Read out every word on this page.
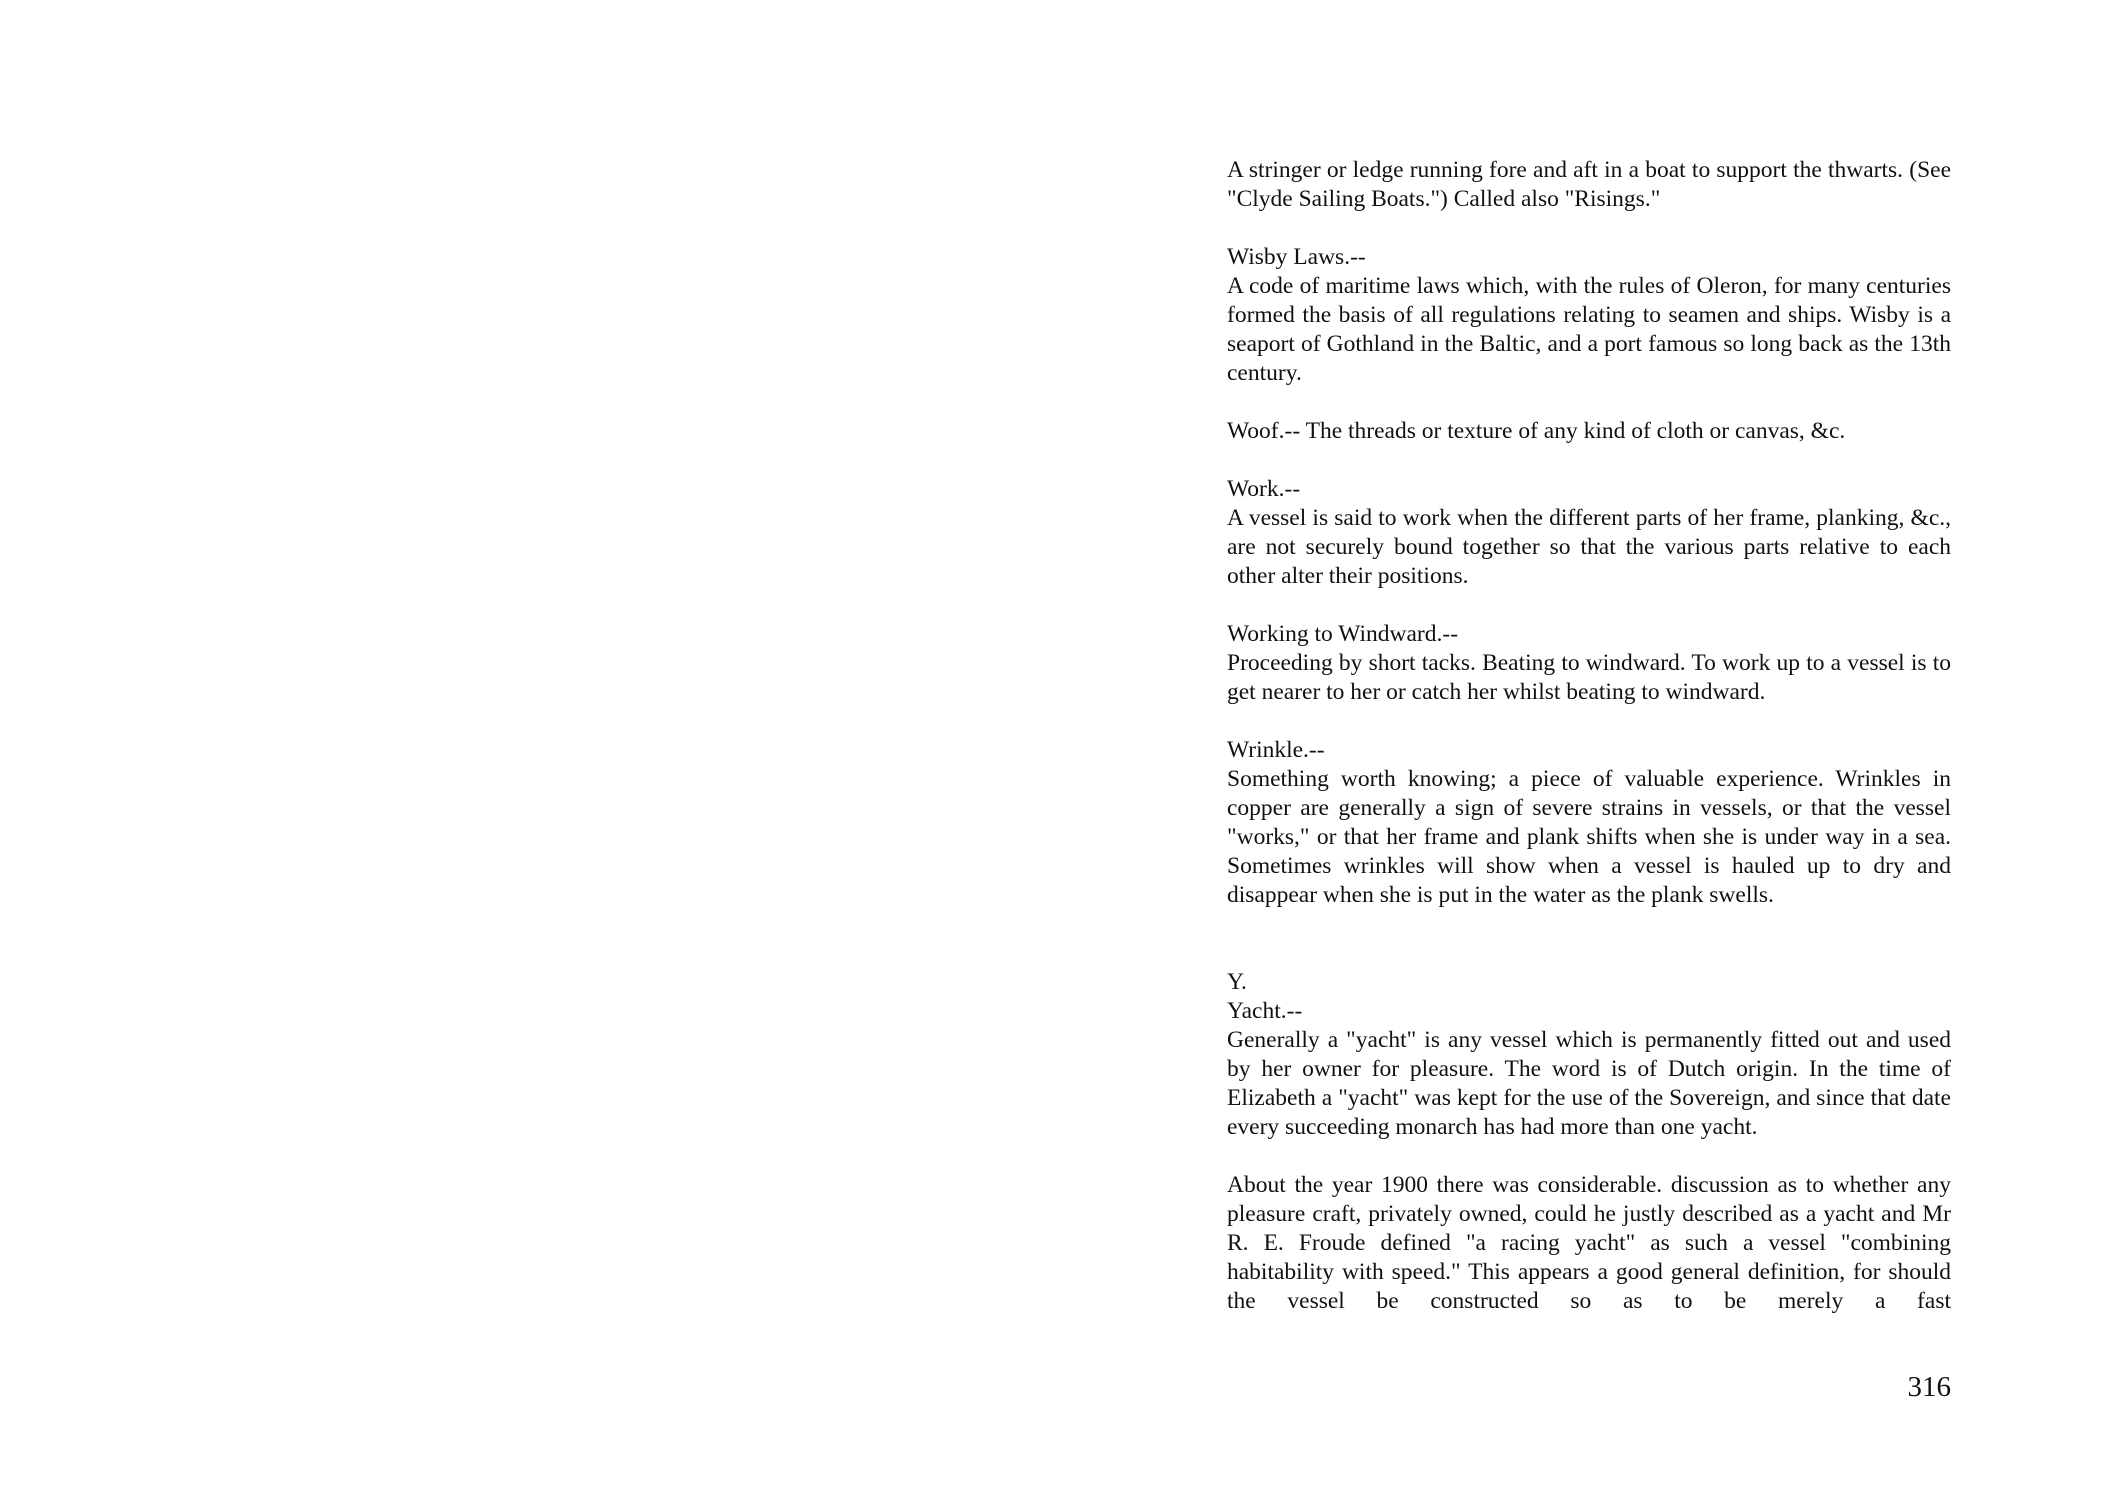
A stringer or ledge running fore and aft in a boat to support the thwarts. (See "Clyde Sailing Boats.") Called also "Risings."

Wisby Laws.--
A code of maritime laws which, with the rules of Oleron, for many centuries formed the basis of all regulations relating to seamen and ships. Wisby is a seaport of Gothland in the Baltic, and a port famous so long back as the 13th century.
Woof.-- The threads or texture of any kind of cloth or canvas, &c.
Work.--
A vessel is said to work when the different parts of her frame, planking, &c., are not securely bound together so that the various parts relative to each other alter their positions.
Working to Windward.--
Proceeding by short tacks. Beating to windward. To work up to a vessel is to get nearer to her or catch her whilst beating to windward.
Wrinkle.--
Something worth knowing; a piece of valuable experience. Wrinkles in copper are generally a sign of severe strains in vessels, or that the vessel "works," or that her frame and plank shifts when she is under way in a sea. Sometimes wrinkles will show when a vessel is hauled up to dry and disappear when she is put in the water as the plank swells.
Y.
Yacht.--
Generally a "yacht" is any vessel which is permanently fitted out and used by her owner for pleasure. The word is of Dutch origin. In the time of Elizabeth a "yacht" was kept for the use of the Sovereign, and since that date every succeeding monarch has had more than one yacht.
About the year 1900 there was considerable. discussion as to whether any pleasure craft, privately owned, could he justly described as a yacht and Mr R. E. Froude defined "a racing yacht" as such a vessel "combining habitability with speed." This appears a good general definition, for should the vessel be constructed so as to be merely a fast
316
